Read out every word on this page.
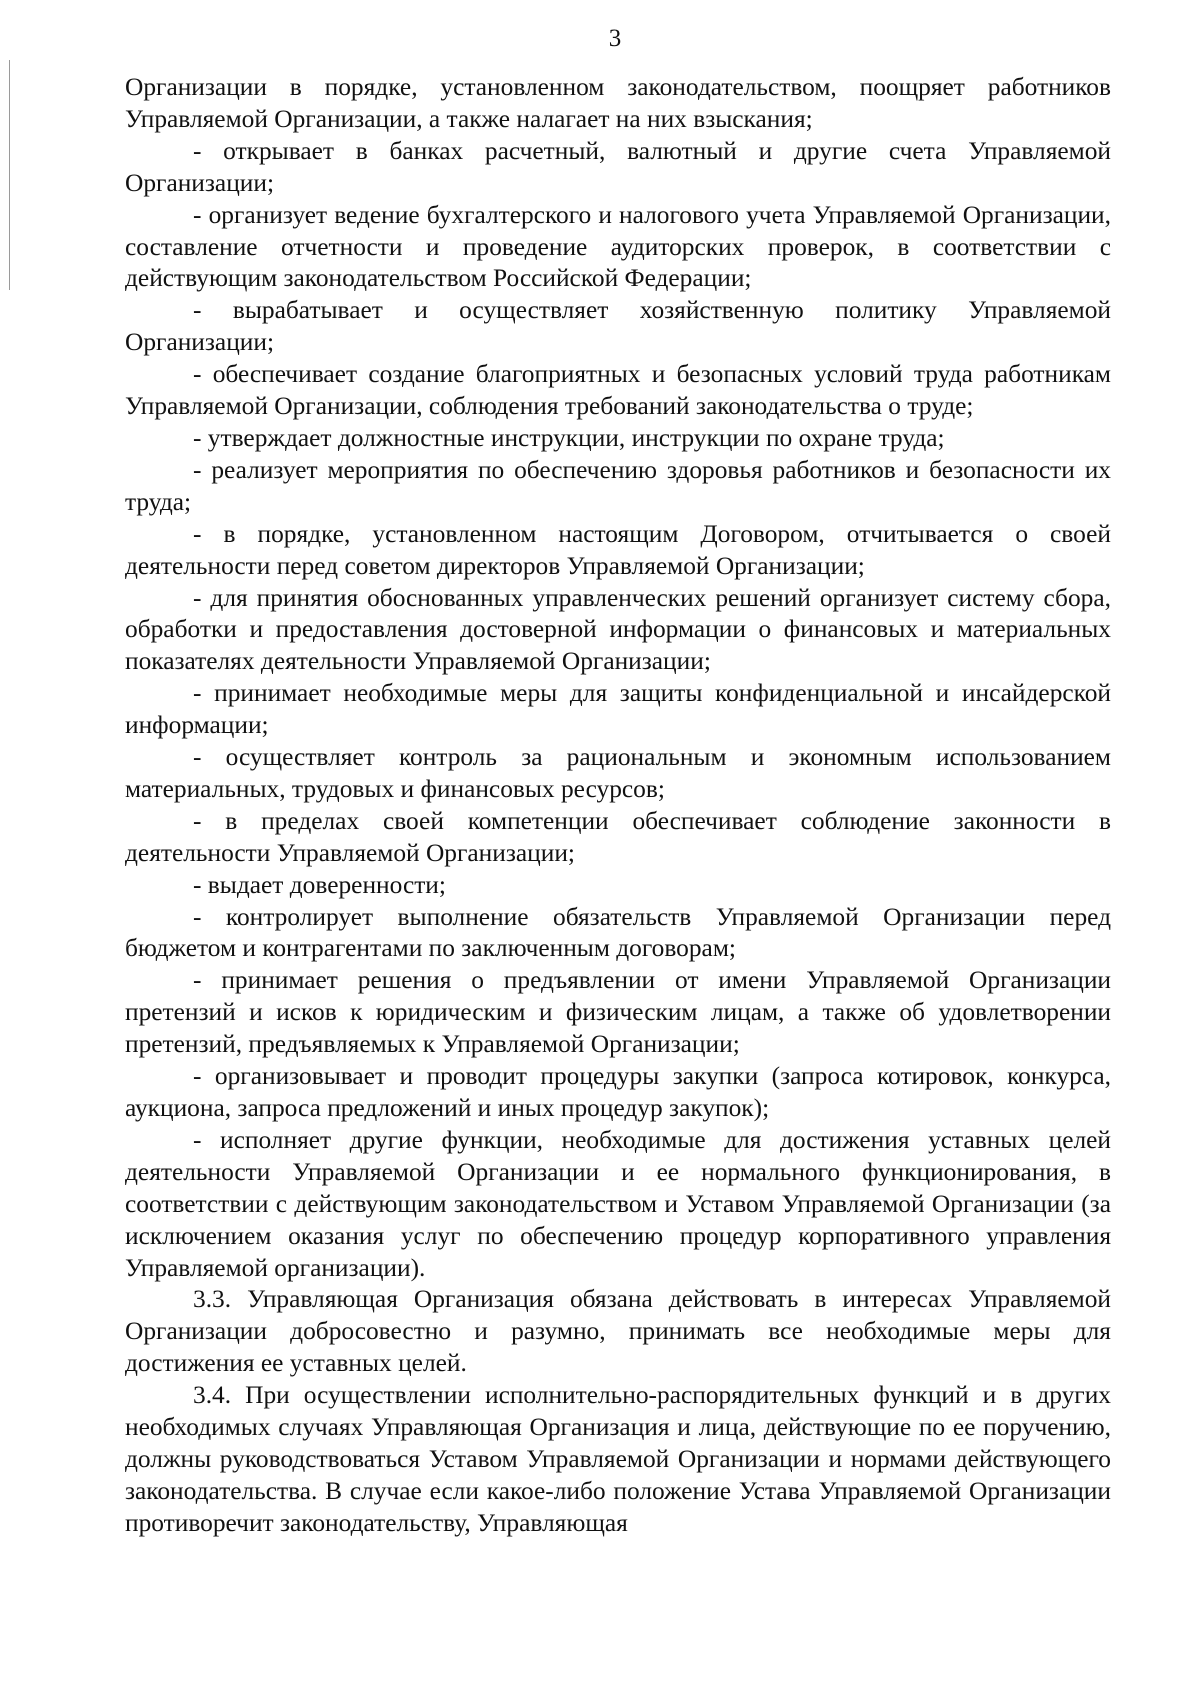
3

Организации в порядке, установленном законодательством, поощряет работников Управляемой Организации, а также налагает на них взыскания;

- открывает в банках расчетный, валютный и другие счета Управляемой Организации;

- организует ведение бухгалтерского и налогового учета Управляемой Организации, составление отчетности и проведение аудиторских проверок, в соответствии с действующим законодательством Российской Федерации;

- вырабатывает и осуществляет хозяйственную политику Управляемой Организации;

- обеспечивает создание благоприятных и безопасных условий труда работникам Управляемой Организации, соблюдения требований законодательства о труде;

- утверждает должностные инструкции, инструкции по охране труда;

- реализует мероприятия по обеспечению здоровья работников и безопасности их труда;

- в порядке, установленном настоящим Договором, отчитывается о своей деятельности перед советом директоров Управляемой Организации;

- для принятия обоснованных управленческих решений организует систему сбора, обработки и предоставления достоверной информации о финансовых и материальных показателях деятельности Управляемой Организации;

- принимает необходимые меры для защиты конфиденциальной и инсайдерской информации;

- осуществляет контроль за рациональным и экономным использованием материальных, трудовых и финансовых ресурсов;

- в пределах своей компетенции обеспечивает соблюдение законности в деятельности Управляемой Организации;

- выдает доверенности;

- контролирует выполнение обязательств Управляемой Организации перед бюджетом и контрагентами по заключенным договорам;

- принимает решения о предъявлении от имени Управляемой Организации претензий и исков к юридическим и физическим лицам, а также об удовлетворении претензий, предъявляемых к Управляемой Организации;

- организовывает и проводит процедуры закупки (запроса котировок, конкурса, аукциона, запроса предложений и иных процедур закупок);

- исполняет другие функции, необходимые для достижения уставных целей деятельности Управляемой Организации и ее нормального функционирования, в соответствии с действующим законодательством и Уставом Управляемой Организации (за исключением оказания услуг по обеспечению процедур корпоративного управления Управляемой организации).

3.3. Управляющая Организация обязана действовать в интересах Управляемой Организации добросовестно и разумно, принимать все необходимые меры для достижения ее уставных целей.

3.4. При осуществлении исполнительно-распорядительных функций и в других необходимых случаях Управляющая Организация и лица, действующие по ее поручению, должны руководствоваться Уставом Управляемой Организации и нормами действующего законодательства. В случае если какое-либо положение Устава Управляемой Организации противоречит законодательству, Управляющая
